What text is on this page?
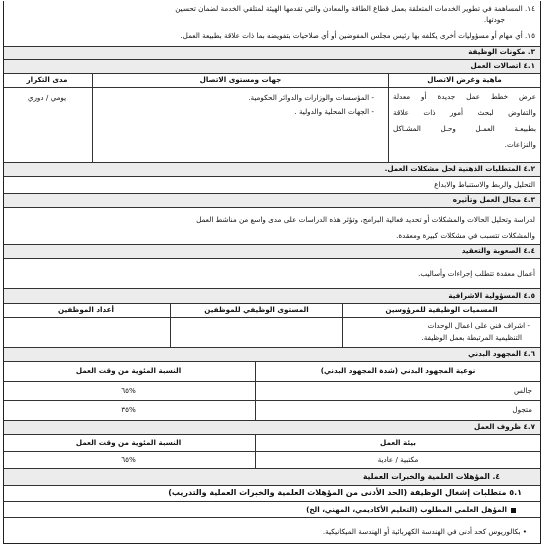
١٤. المساهمة في تطوير الخدمات المتعلقة بعمل قطاع الطاقة والمعادن والتي تقدمها الهيئة لمتلقي الخدمة لضمان تحسين
جودتها.
١٥. أي مهام أو مسؤوليات أخرى يكلفه بها رئيس مجلس المفوضين أو أي صلاحيات بتفويضه بما ذات علاقة بطبيعة العمل.
٣. مكونات الوظيفة
٤.١ اتصالات العمل
ماهية وغرض الاتصال
جهات ومستوى الاتصال
مدى التكرار
عرض خطط عمل جديدة أو معدلة
والتفاوض لبحث أمور ذات علاقة
بطبيعـة العمـل وحـل المشـاكل
والنزاعات.
- المؤسسات والوزارات والدوائر الحكومية.
- الجهات المحلية والدولية .
يومي / دوري
٤.٢ المتطلبات الذهنية لحل مشكلات العمل.
التحليل والربط والاستنباط والابداع
٤.٣ مجال العمل وتأثيره
لدراسة وتحليل الحالات والمشكلات أو تحديد فعالية البرامج، وتؤثر هذه الدراسات على مدى واسع من مناشط العمل
والمشكلات تتسبب في مشكلات كبيرة ومعقدة.
٤.٤ الصعوبة والتعقيد
أعمال معقدة تتطلب إجراءات وأساليب.
٤.٥ المسؤولية الاشرافية
المسميات الوظيفية للمرؤوسين
المستوى الوظيفي للموظفين
أعداد الموظفين
- اشراف فني على اعمال الوحدات
التنظيمية المرتبطة بعمل الوظيفة.
٤.٦ المجهود البدني
نوعية المجهود البدني (شدة المجهود البدني)
النسبة المئوية من وقت العمل
جالس
%٦٥
متجول
%٣٥
٤.٧ ظروف العمل
بيئة العمل
النسبة المئوية من وقت العمل
مكتبية / عادية
%٦٥
٤. المؤهلات العلمية والخبرات العملية
٥.١ متطلبات إشغال الوظيفة (الحد الأدنى من المؤهلات العلمية والخبرات العملية والتدريب)
المؤهل العلمي المطلوب (التعليم الأكاديمي، المهني، الخ)
• بكالوريوس كحد أدنى في الهندسة الكهربائية أو الهندسة الميكانيكية.
